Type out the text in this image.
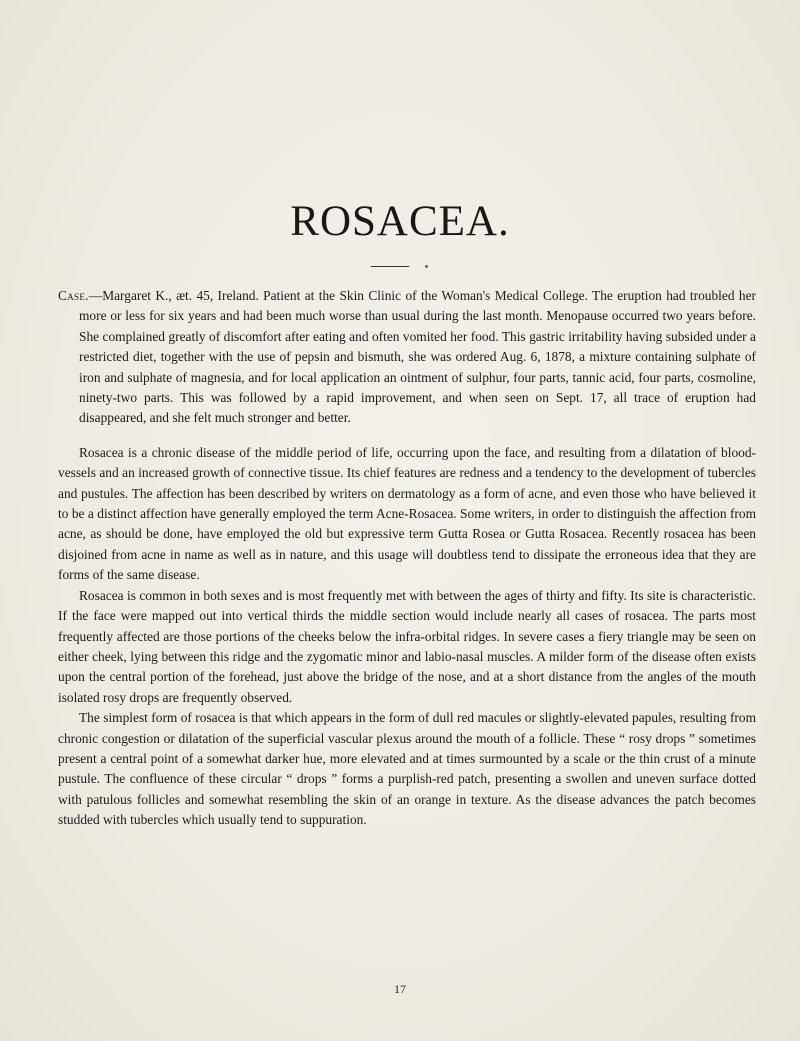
ROSACEA.

Case.—Margaret K., æt. 45, Ireland. Patient at the Skin Clinic of the Woman's Medical College. The eruption had troubled her more or less for six years and had been much worse than usual during the last month. Menopause occurred two years before. She complained greatly of discomfort after eating and often vomited her food. This gastric irritability having subsided under a restricted diet, together with the use of pepsin and bismuth, she was ordered Aug. 6, 1878, a mixture containing sulphate of iron and sulphate of magnesia, and for local application an ointment of sulphur, four parts, tannic acid, four parts, cosmoline, ninety-two parts. This was followed by a rapid improvement, and when seen on Sept. 17, all trace of eruption had disappeared, and she felt much stronger and better.

Rosacea is a chronic disease of the middle period of life, occurring upon the face, and resulting from a dilatation of blood-vessels and an increased growth of connective tissue. Its chief features are redness and a tendency to the development of tubercles and pustules. The affection has been described by writers on dermatology as a form of acne, and even those who have believed it to be a distinct affection have generally employed the term Acne-Rosacea. Some writers, in order to distinguish the affection from acne, as should be done, have employed the old but expressive term Gutta Rosea or Gutta Rosacea. Recently rosacea has been disjoined from acne in name as well as in nature, and this usage will doubtless tend to dissipate the erroneous idea that they are forms of the same disease.

Rosacea is common in both sexes and is most frequently met with between the ages of thirty and fifty. Its site is characteristic. If the face were mapped out into vertical thirds the middle section would include nearly all cases of rosacea. The parts most frequently affected are those portions of the cheeks below the infra-orbital ridges. In severe cases a fiery triangle may be seen on either cheek, lying between this ridge and the zygomatic minor and labio-nasal muscles. A milder form of the disease often exists upon the central portion of the forehead, just above the bridge of the nose, and at a short distance from the angles of the mouth isolated rosy drops are frequently observed.

The simplest form of rosacea is that which appears in the form of dull red macules or slightly-elevated papules, resulting from chronic congestion or dilatation of the superficial vascular plexus around the mouth of a follicle. These “ rosy drops ” sometimes present a central point of a somewhat darker hue, more elevated and at times surmounted by a scale or the thin crust of a minute pustule. The confluence of these circular “ drops ” forms a purplish-red patch, presenting a swollen and uneven surface dotted with patulous follicles and somewhat resembling the skin of an orange in texture. As the disease advances the patch becomes studded with tubercles which usually tend to suppuration.

17
